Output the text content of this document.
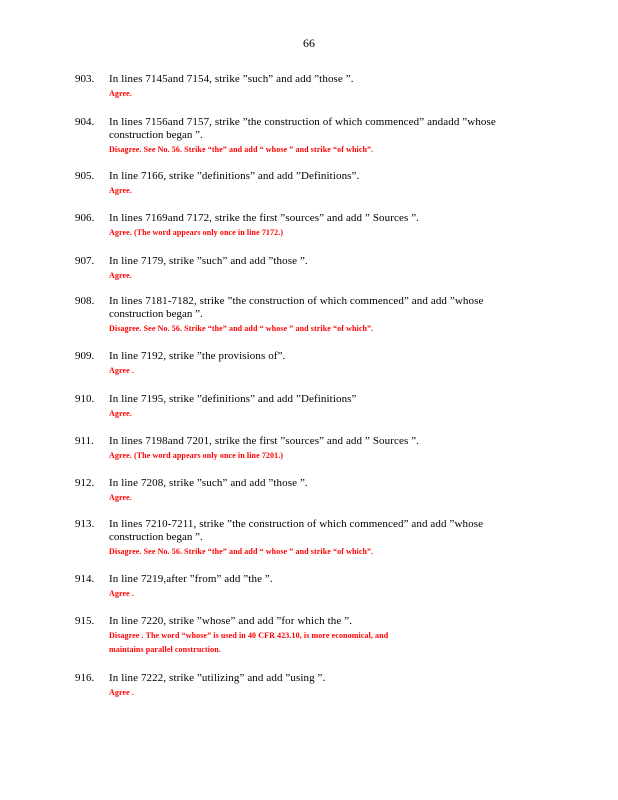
66
903. In lines 7145and 7154, strike ”such” and add ”those ”.
Agree.
904. In lines 7156and 7157, strike ”the construction of which commenced” andadd ”whose
construction began ”.
Disagree. See No. 56. Strike “the” and add “ whose ” and strike “of which”.
905. In line 7166, strike ”definitions” and add ”Definitions”.
Agree.
906. In lines 7169and 7172, strike the first ”sources” and add ” Sources ”.
Agree. (The word appears only once in line 7172.)
907. In line 7179, strike ”such” and add ”those ”.
Agree.
908. In lines 7181-7182, strike ”the construction of which commenced” and add ”whose
construction began ”.
Disagree. See No. 56. Strike “the” and add “ whose ” and strike “of which”.
909. In line 7192, strike ”the provisions of”.
Agree .
910. In line 7195, strike ”definitions” and add ”Definitions”
Agree.
911. In lines 7198and 7201, strike the first ”sources” and add ” Sources ”.
Agree. (The word appears only once in line 7201.)
912. In line 7208, strike ”such” and add ”those ”.
Agree.
913. In lines 7210-7211, strike ”the construction of which commenced” and add ”whose
construction began ”.
Disagree. See No. 56. Strike “the” and add “ whose ” and strike “of which”.
914. In line 7219,after ”from” add ”the ”.
Agree .
915. In line 7220, strike ”whose” and add ”for which the ”.
Disagree . The word “whose” is used in 40 CFR 423.10, is more economical, and
maintains parallel construction.
916. In line 7222, strike ”utilizing” and add ”using ”.
Agree .
